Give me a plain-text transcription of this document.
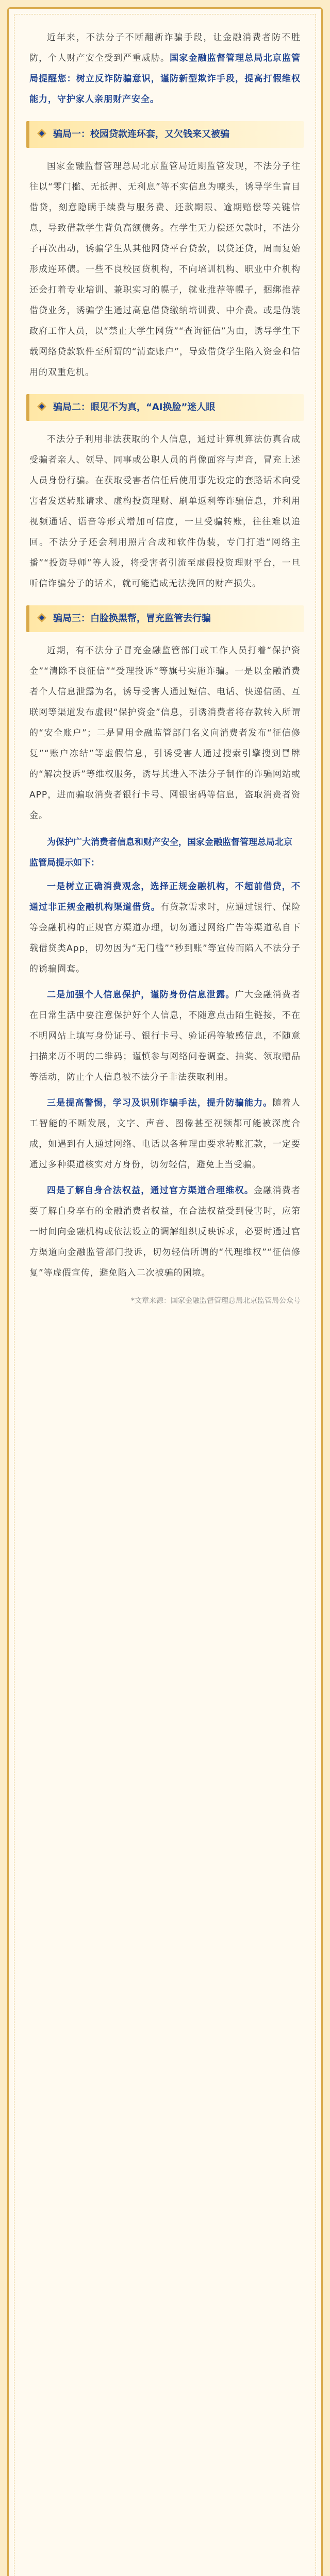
近年来，不法分子不断翻新诈骗手段，让金融消费者防不胜防，个人财产安全受到严重威胁。国家金融监督管理总局北京监管局提醒您：树立反诈防骗意识，谨防新型欺诈手段，提高打假维权能力，守护家人亲朋财产安全。

骗局一：校园贷款连环套，又欠钱来又被骗

国家金融监督管理总局北京监管局近期监管发现，不法分子往往以“零门槛、无抵押、无利息”等不实信息为噱头，诱导学生盲目借贷，刻意隐瞒手续费与服务费、还款期限、逾期赔偿等关键信息，导致借款学生背负高额债务。在学生无力偿还欠款时，不法分子再次出动，诱骗学生从其他网贷平台贷款，以贷还贷，周而复始形成连环债。一些不良校园贷机构，不向培训机构、职业中介机构还会打着专业培训、兼职实习的幌子，就业推荐等幌子，捆绑推荐借贷业务，诱骗学生通过高息借贷缴纳培训费、中介费。或是伪装政府工作人员，以“禁止大学生网贷”“查询征信”为由，诱导学生下载网络贷款软件至所谓的“清查账户”，导致借贷学生陷入资金和信用的双重危机。

骗局二：眼见不为真，“AI换脸”迷人眼

不法分子利用非法获取的个人信息，通过计算机算法仿真合成受骗者亲人、领导、同事或公职人员的肖像面容与声音，冒充上述人员身份行骗。在获取受害者信任后使用事先设定的套路话术向受害者发送转账请求、虚构投资理财、刷单返利等诈骗信息，并利用视频通话、语音等形式增加可信度，一旦受骗转账，往往难以追回。不法分子还会利用照片合成和软件伪装，专门打造“网络主播”“投资导师”等人设，将受害者引流至虚假投资理财平台，一旦听信诈骗分子的话术，就可能造成无法挽回的财产损失。

骗局三：白脸换黑帮，冒充监管去行骗

近期，有不法分子冒充金融监管部门或工作人员打着“保护资金”“清除不良征信”“受理投诉”等旗号实施诈骗。一是以金融消费者个人信息泄露为名，诱导受害人通过短信、电话、快递信函、互联网等渠道发布虚假“保护资金”信息，引诱消费者将存款转入所谓的“安全账户”；二是冒用金融监管部门名义向消费者发布“征信修复”“账户冻结”等虚假信息，引诱受害人通过搜索引擎搜到冒牌的“解决投诉”等维权服务，诱导其进入不法分子制作的诈骗网站或APP，进而骗取消费者银行卡号、网银密码等信息，盗取消费者资金。

为保护广大消费者信息和财产安全，国家金融监督管理总局北京监管局提示如下：

一是树立正确消费观念，选择正规金融机构，不超前借贷，不通过非正规金融机构渠道借贷。有贷款需求时，应通过银行、保险等金融机构的正规官方渠道办理，切勿通过网络广告等渠道私自下载借贷类App，切勿因为“无门槛”“秒到账”等宣传而陷入不法分子的诱骗圈套。

二是加强个人信息保护，谨防身份信息泄露。广大金融消费者在日常生活中要注意保护好个人信息，不随意点击陌生链接，不在不明网站上填写身份证号、银行卡号、验证码等敏感信息，不随意扫描来历不明的二维码；谨慎参与网络问卷调查、抽奖、领取赠品等活动，防止个人信息被不法分子非法获取利用。

三是提高警惕，学习及识别诈骗手法，提升防骗能力。随着人工智能的不断发展，文字、声音、图像甚至视频都可能被深度合成，如遇到有人通过网络、电话以各种理由要求转账汇款，一定要通过多种渠道核实对方身份，切勿轻信，避免上当受骗。

四是了解自身合法权益，通过官方渠道合理维权。金融消费者要了解自身享有的金融消费者权益，在合法权益受到侵害时，应第一时间向金融机构或依法设立的调解组织反映诉求，必要时通过官方渠道向金融监管部门投诉，切勿轻信所谓的“代理维权”“征信修复”等虚假宣传，避免陷入二次被骗的困境。

*文章来源：国家金融监督管理总局北京监管局公众号
